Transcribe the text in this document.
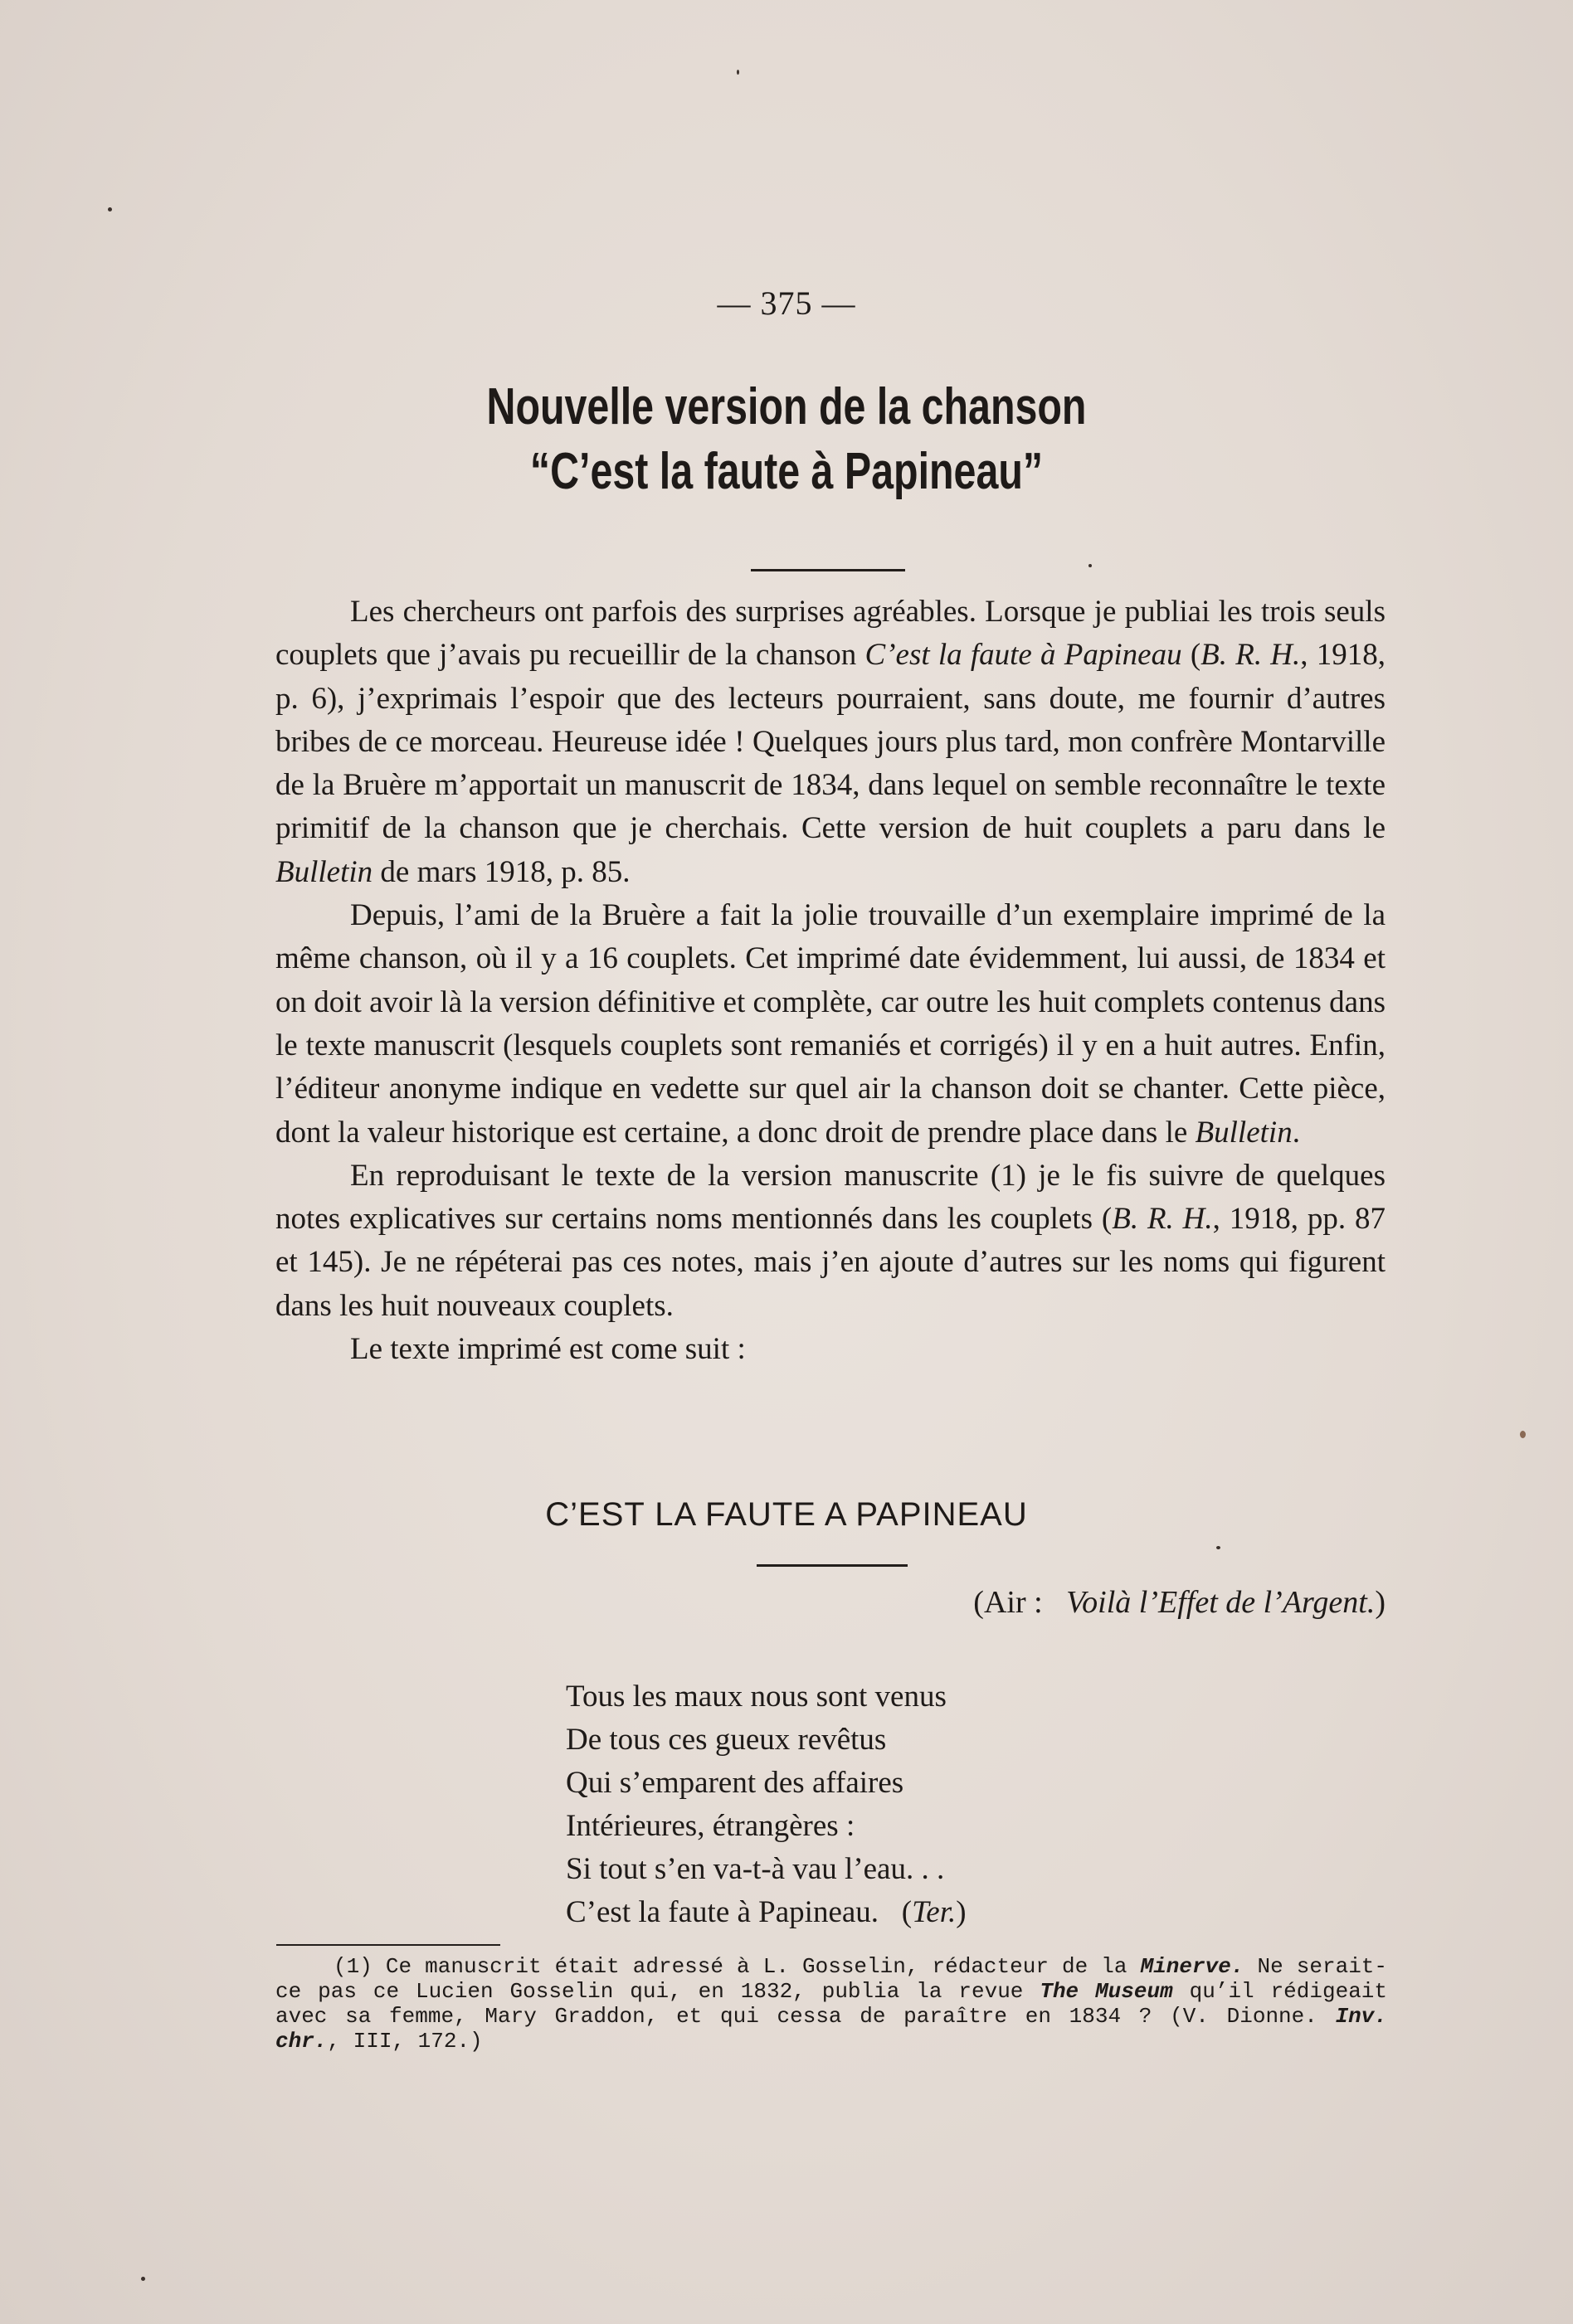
— 375 —
Nouvelle version de la chanson
“C’est la faute à Papineau”

Les chercheurs ont parfois des surprises agréables. Lorsque je publiai les trois seuls couplets que j’avais pu recueillir de la chanson C’est la faute à Papineau (B. R. H., 1918, p. 6), j’exprimais l’espoir que des lecteurs pourraient, sans doute, me fournir d’autres bribes de ce morceau. Heureuse idée ! Quelques jours plus tard, mon confrère Montarville de la Bruère m’apportait un manuscrit de 1834, dans lequel on semble reconnaître le texte primitif de la chanson que je cherchais. Cette version de huit couplets a paru dans le Bulletin de mars 1918, p. 85.

Depuis, l’ami de la Bruère a fait la jolie trouvaille d’un exemplaire imprimé de la même chanson, où il y a 16 couplets. Cet imprimé date évidemment, lui aussi, de 1834 et on doit avoir là la version définitive et complète, car outre les huit complets contenus dans le texte manuscrit (lesquels couplets sont remaniés et corrigés) il y en a huit autres. Enfin, l’éditeur anonyme indique en vedette sur quel air la chanson doit se chanter. Cette pièce, dont la valeur historique est certaine, a donc droit de prendre place dans le Bulletin.

En reproduisant le texte de la version manuscrite (1) je le fis suivre de quelques notes explicatives sur certains noms mentionnés dans les couplets (B. R. H., 1918, pp. 87 et 145). Je ne répéterai pas ces notes, mais j’en ajoute d’autres sur les noms qui figurent dans les huit nouveaux couplets.

Le texte imprimé est come suit :

C’EST LA FAUTE A PAPINEAU
(Air : Voilà l’Effet de l’Argent.)
Tous les maux nous sont venus
De tous ces gueux revêtus
Qui s’emparent des affaires
Intérieures, étrangères :
Si tout s’en va-t-à vau l’eau. . .
C’est la faute à Papineau. (Ter.)

(1) Ce manuscrit était adressé à L. Gosselin, rédacteur de la Minerve. Ne serait-ce pas ce Lucien Gosselin qui, en 1832, publia la revue The Museum qu’il rédigeait avec sa femme, Mary Graddon, et qui cessa de paraître en 1834 ? (V. Dionne. Inv. chr., III, 172.)
